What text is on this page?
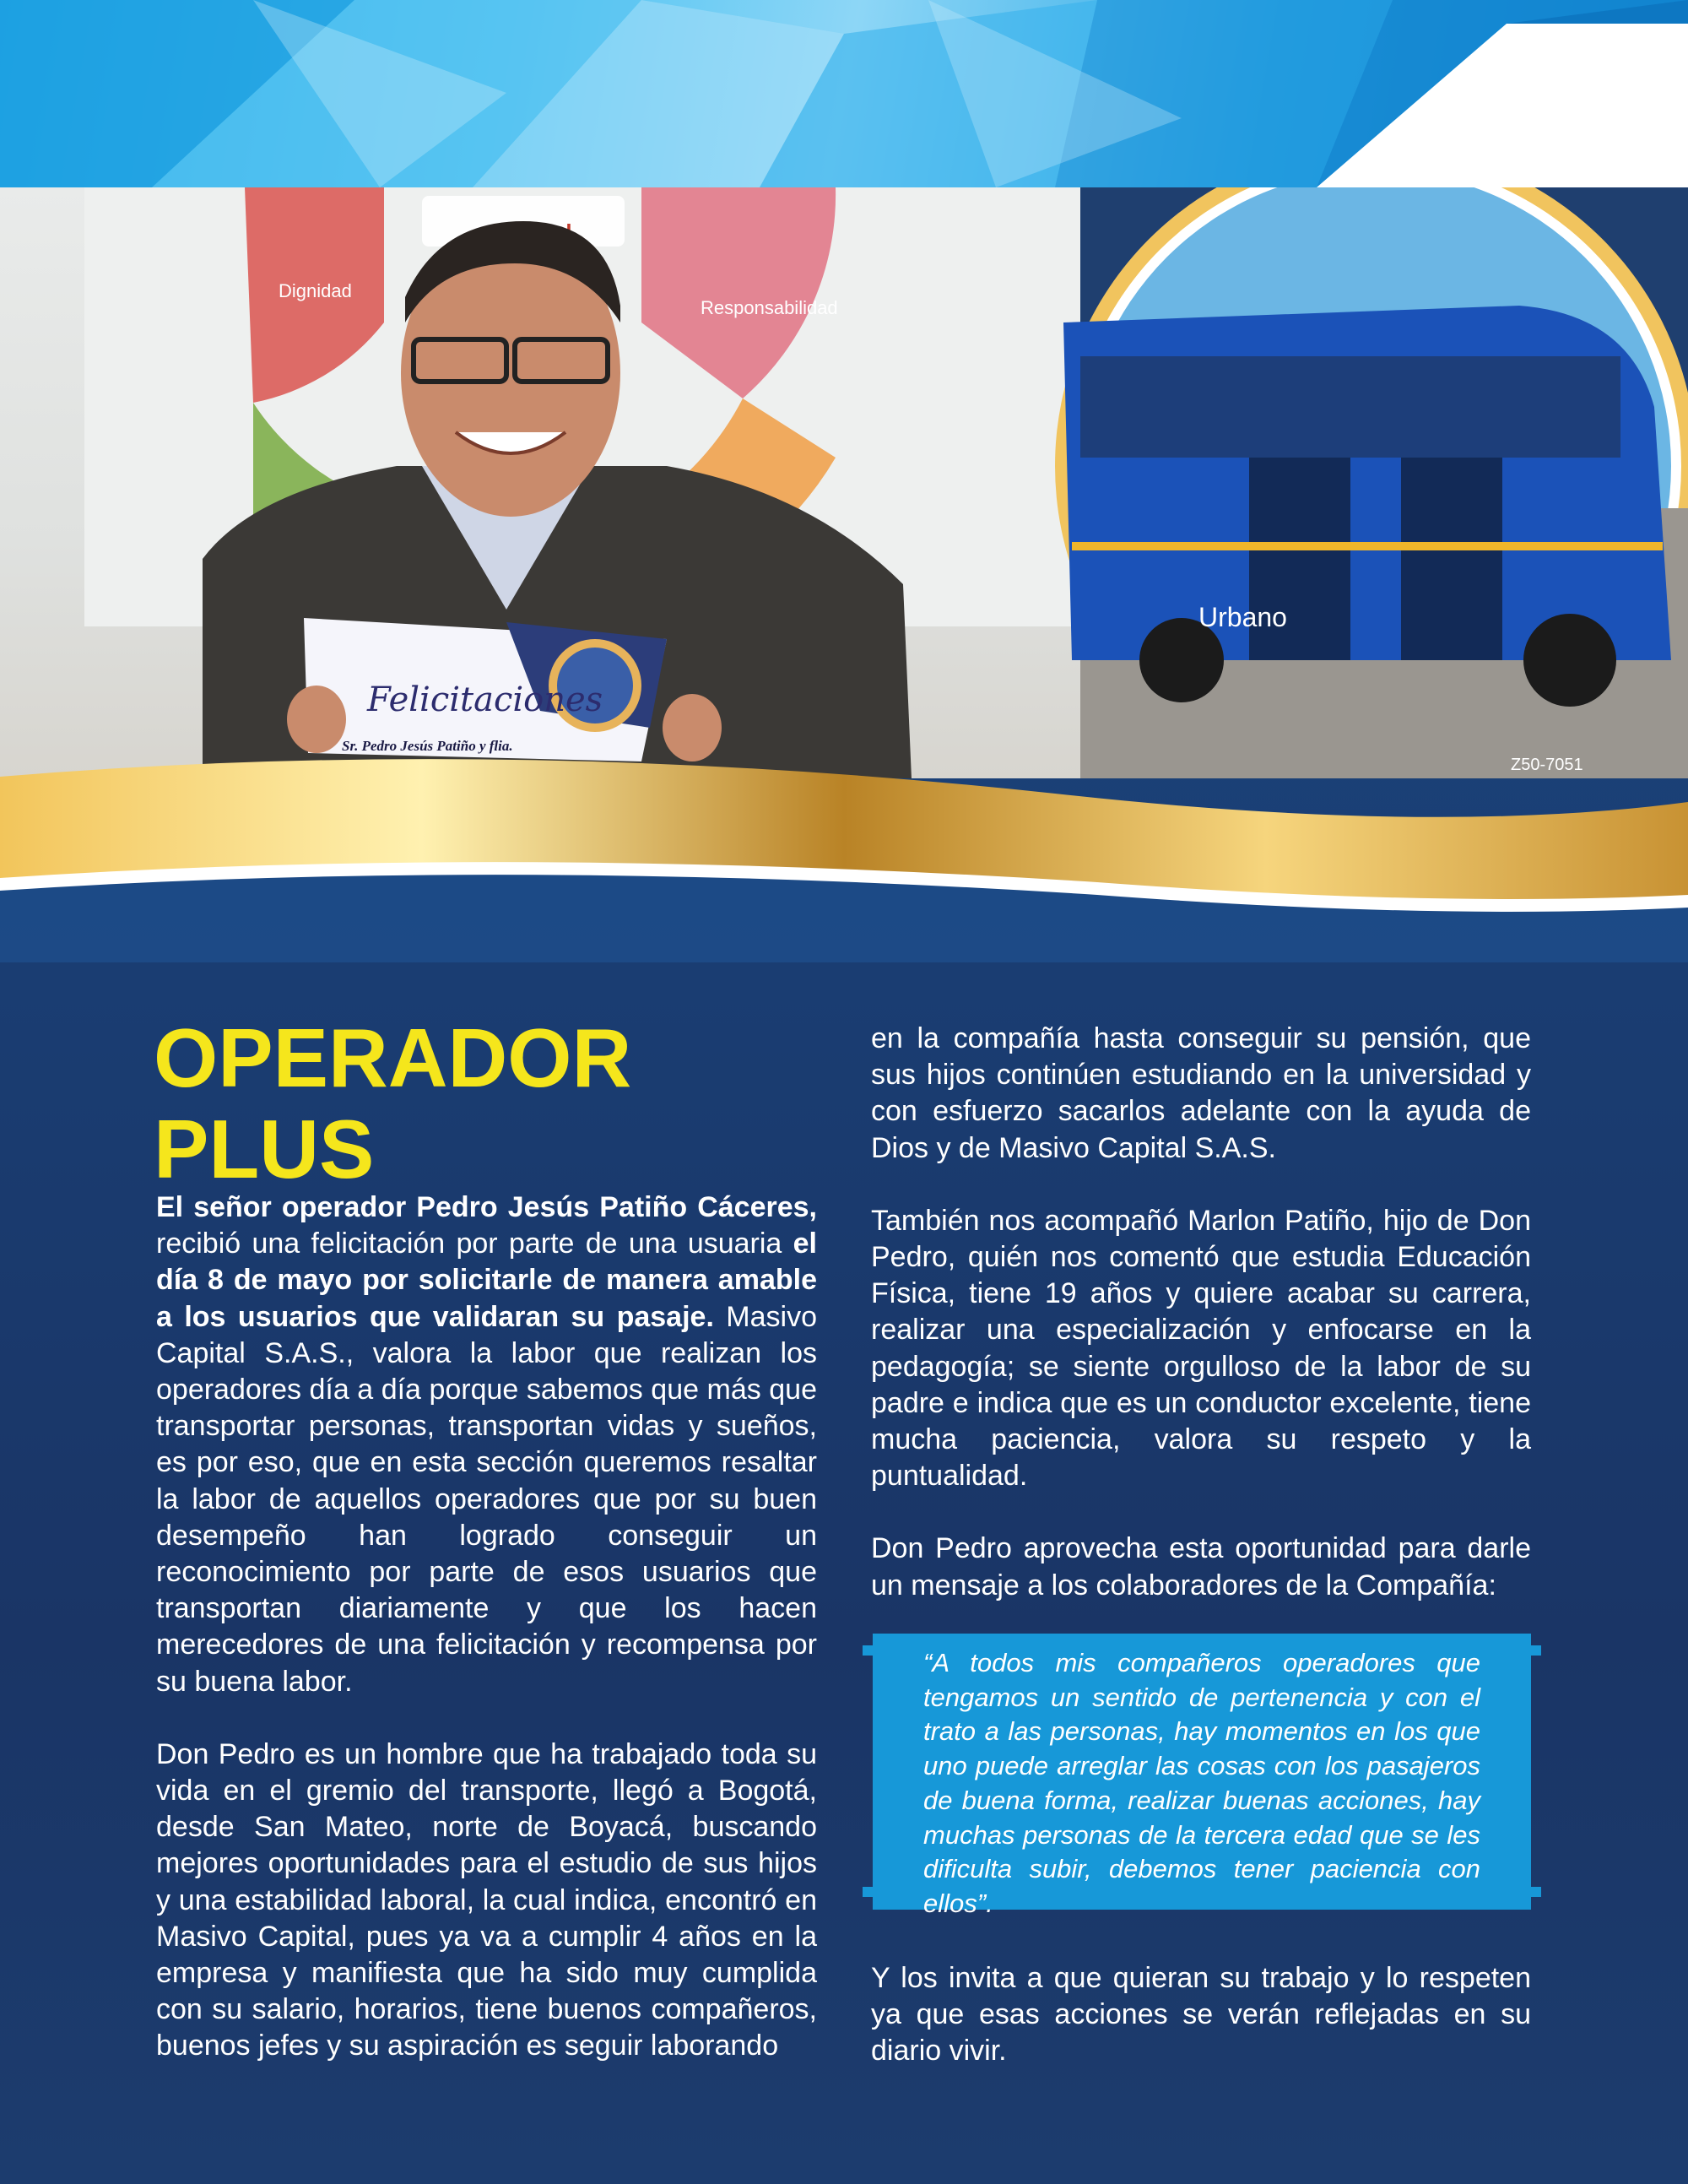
Dignidad
Responsabilidad
Felicitaciones
Sr. Pedro Jesús Patiño y flia.
Urbano
Z50-7051
OPERADOR PLUS

El señor operador Pedro Jesús Patiño Cáceres, recibió una felicitación por parte de una usuaria el día 8 de mayo por solicitarle de manera amable a los usuarios que validaran su pasaje. Masivo Capital S.A.S., valora la labor que realizan los operadores día a día porque sabemos que más que transportar personas, transportan vidas y sueños, es por eso, que en esta sección queremos resaltar la labor de aquellos operadores que por su buen desempeño han logrado conseguir un reconocimiento por parte de esos usuarios que transportan diariamente y que los hacen merecedores de una felicitación y recompensa por su buena labor.

Don Pedro es un hombre que ha trabajado toda su vida en el gremio del transporte, llegó a Bogotá, desde San Mateo, norte de Boyacá, buscando mejores oportunidades para el estudio de sus hijos y una estabilidad laboral, la cual indica, encontró en Masivo Capital, pues ya va a cumplir 4 años en la empresa y manifiesta que ha sido muy cumplida con su salario, horarios, tiene buenos compañeros, buenos jefes y su aspiración es seguir laborando

en la compañía hasta conseguir su pensión, que sus hijos continúen estudiando en la universidad y con esfuerzo sacarlos adelante con la ayuda de Dios y de Masivo Capital S.A.S.

También nos acompañó Marlon Patiño, hijo de Don Pedro, quién nos comentó que estudia Educación Física, tiene 19 años y quiere acabar su carrera, realizar una especialización y enfocarse en la pedagogía; se siente orgulloso de la labor de su padre e indica que es un conductor excelente, tiene mucha paciencia, valora su respeto y la puntualidad.

Don Pedro aprovecha esta oportunidad para darle un mensaje a los colaboradores de la Compañía:

“A todos mis compañeros operadores que tengamos un sentido de pertenencia y con el trato a las personas, hay momentos en los que uno puede arreglar las cosas con los pasajeros de buena forma, realizar buenas acciones, hay muchas personas de la tercera edad que se les dificulta subir, debemos tener paciencia con ellos”.
Y los invita a que quieran su trabajo y lo respeten ya que esas acciones se verán reflejadas en su diario vivir.
